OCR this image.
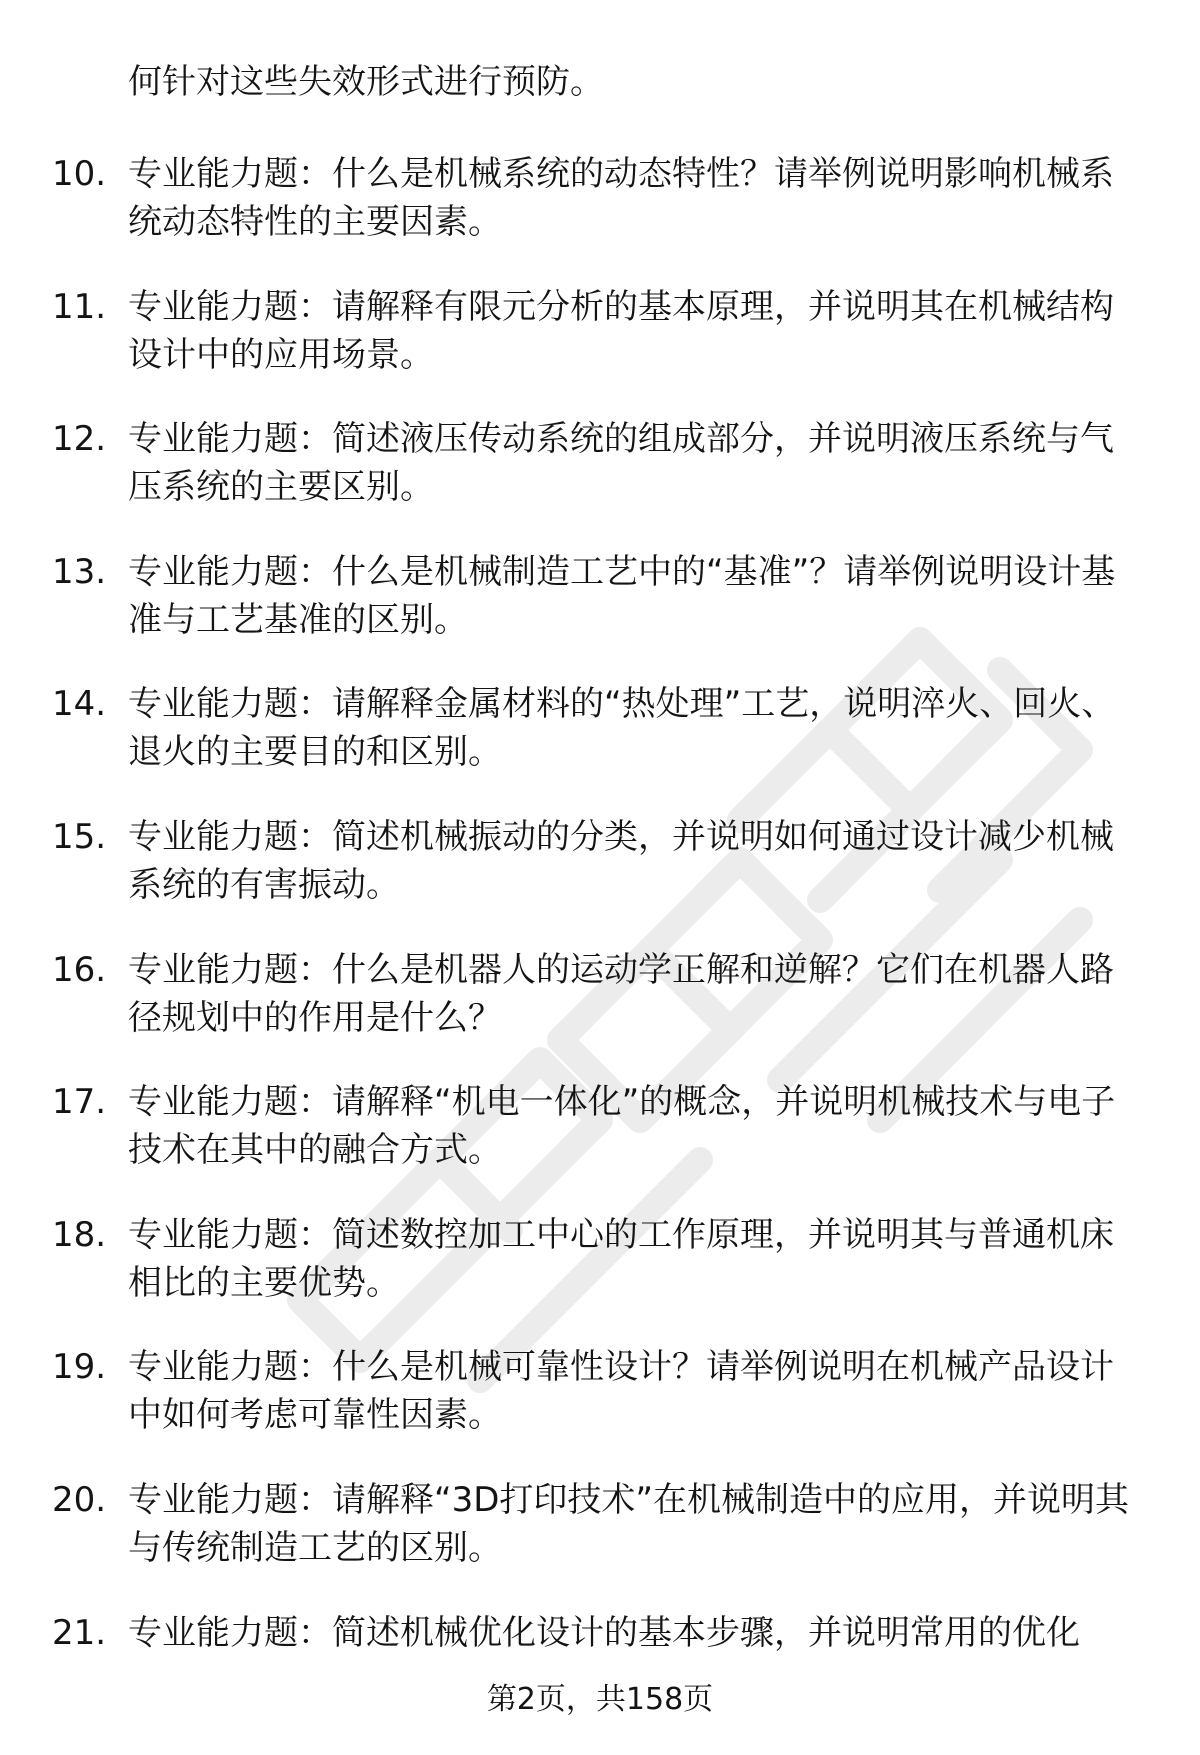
何针对这些失效形式进行预防。
10. 专业能力题：什么是机械系统的动态特性？请举例说明影响机械系统动态特性的主要因素。
11. 专业能力题：请解释有限元分析的基本原理，并说明其在机械结构设计中的应用场景。
12. 专业能力题：简述液压传动系统的组成部分，并说明液压系统与气压系统的主要区别。
13. 专业能力题：什么是机械制造工艺中的“基准”？请举例说明设计基准与工艺基准的区别。
14. 专业能力题：请解释金属材料的“热处理”工艺，说明淬火、回火、退火的主要目的和区别。
15. 专业能力题：简述机械振动的分类，并说明如何通过设计减少机械系统的有害振动。
16. 专业能力题：什么是机器人的运动学正解和逆解？它们在机器人路径规划中的作用是什么？
17. 专业能力题：请解释“机电一体化”的概念，并说明机械技术与电子技术在其中的融合方式。
18. 专业能力题：简述数控加工中心的工作原理，并说明其与普通机床相比的主要优势。
19. 专业能力题：什么是机械可靠性设计？请举例说明在机械产品设计中如何考虑可靠性因素。
20. 专业能力题：请解释“3D打印技术”在机械制造中的应用，并说明其与传统制造工艺的区别。
21. 专业能力题：简述机械优化设计的基本步骤，并说明常用的优化
第2页，共158页
